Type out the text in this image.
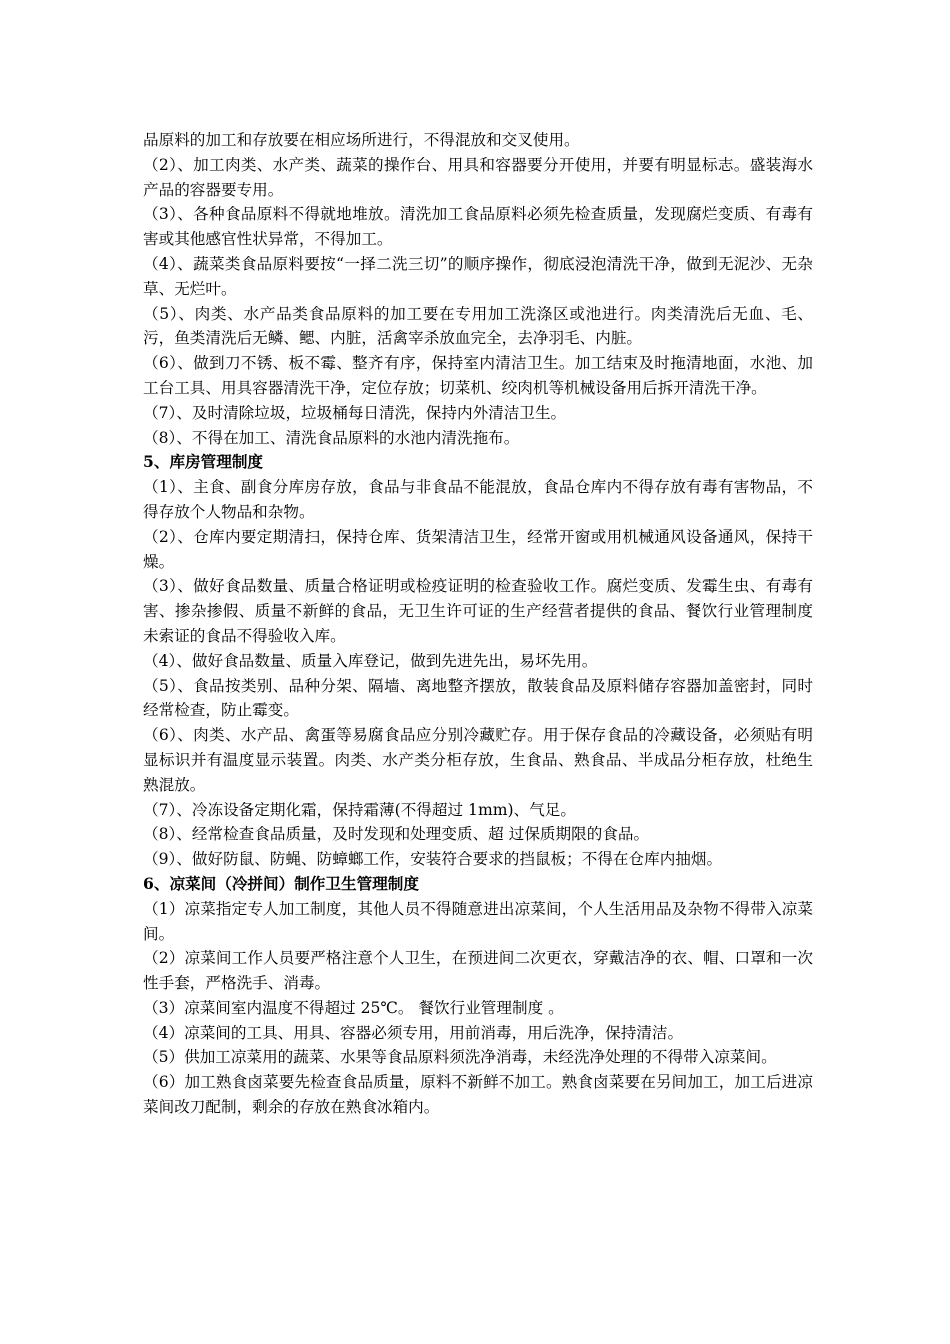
品原料的加工和存放要在相应场所进行，不得混放和交叉使用。

（2）、加工肉类、水产类、蔬菜的操作台、用具和容器要分开使用，并要有明显标志。盛装海水产品的容器要专用。

（3）、各种食品原料不得就地堆放。清洗加工食品原料必须先检查质量，发现腐烂变质、有毒有害或其他感官性状异常，不得加工。

（4）、蔬菜类食品原料要按“一择二洗三切”的顺序操作，彻底浸泡清洗干净，做到无泥沙、无杂草、无烂叶。

（5）、肉类、水产品类食品原料的加工要在专用加工洗涤区或池进行。肉类清洗后无血、毛、污，鱼类清洗后无鳞、鳃、内脏，活禽宰杀放血完全，去净羽毛、内脏。

（6）、做到刀不锈、板不霉、整齐有序，保持室内清洁卫生。加工结束及时拖清地面，水池、加工台工具、用具容器清洗干净，定位存放；切菜机、绞肉机等机械设备用后拆开清洗干净。

（7）、及时清除垃圾，垃圾桶每日清洗，保持内外清洁卫生。

（8）、不得在加工、清洗食品原料的水池内清洗拖布。

5、库房管理制度

（1）、主食、副食分库房存放，食品与非食品不能混放，食品仓库内不得存放有毒有害物品，不得存放个人物品和杂物。

（2）、仓库内要定期清扫，保持仓库、货架清洁卫生，经常开窗或用机械通风设备通风，保持干燥。

（3）、做好食品数量、质量合格证明或检疫证明的检查验收工作。腐烂变质、发霉生虫、有毒有害、掺杂掺假、质量不新鲜的食品，无卫生许可证的生产经营者提供的食品、餐饮行业管理制度未索证的食品不得验收入库。

（4）、做好食品数量、质量入库登记，做到先进先出，易坏先用。

（5）、食品按类别、品种分架、隔墙、离地整齐摆放，散装食品及原料储存容器加盖密封，同时经常检查，防止霉变。

（6）、肉类、水产品、禽蛋等易腐食品应分别冷藏贮存。用于保存食品的冷藏设备，必须贴有明显标识并有温度显示装置。肉类、水产类分柜存放，生食品、熟食品、半成品分柜存放，杜绝生熟混放。

（7）、冷冻设备定期化霜，保持霜薄(不得超过 1mm)、气足。

（8）、经常检查食品质量，及时发现和处理变质、超 过保质期限的食品。

（9）、做好防鼠、防蝇、防蟑螂工作，安装符合要求的挡鼠板；不得在仓库内抽烟。

6、凉菜间（冷拼间）制作卫生管理制度

（1）凉菜指定专人加工制度，其他人员不得随意进出凉菜间，个人生活用品及杂物不得带入凉菜间。

（2）凉菜间工作人员要严格注意个人卫生，在预进间二次更衣，穿戴洁净的衣、帽、口罩和一次性手套，严格洗手、消毒。

（3）凉菜间室内温度不得超过 25℃。 餐饮行业管理制度 。

（4）凉菜间的工具、用具、容器必须专用，用前消毒，用后洗净，保持清洁。

（5）供加工凉菜用的蔬菜、水果等食品原料须洗净消毒，未经洗净处理的不得带入凉菜间。

（6）加工熟食卤菜要先检查食品质量，原料不新鲜不加工。熟食卤菜要在另间加工，加工后进凉菜间改刀配制，剩余的存放在熟食冰箱内。
